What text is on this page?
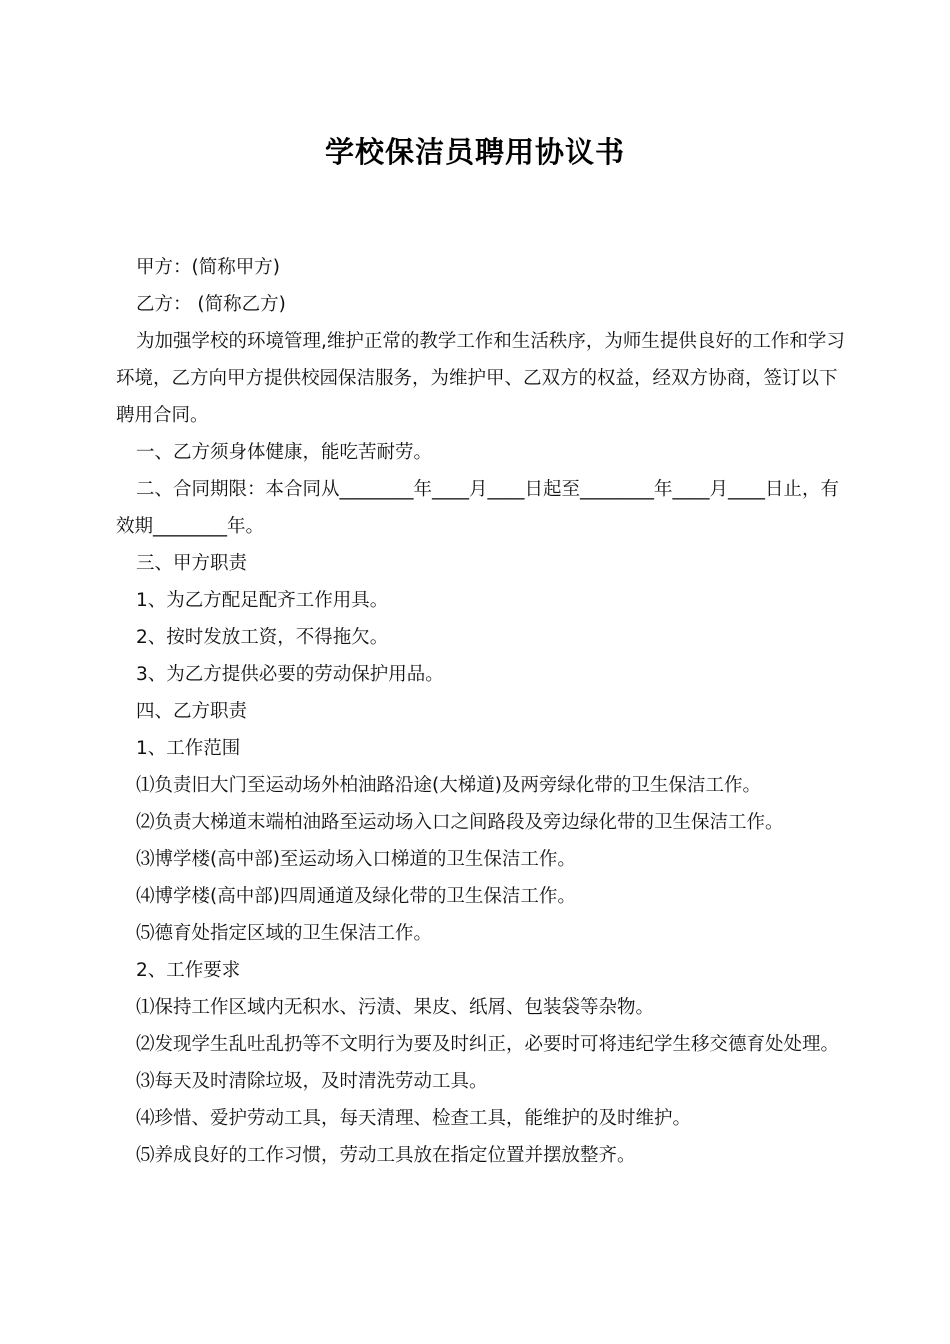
学校保洁员聘用协议书

甲方：(简称甲方)

乙方： (简称乙方)

为加强学校的环境管理,维护正常的教学工作和生活秩序，为师生提供良好的工作和学习环境，乙方向甲方提供校园保洁服务，为维护甲、乙双方的权益，经双方协商，签订以下聘用合同。

一、乙方须身体健康，能吃苦耐劳。

二、合同期限：本合同从________年____月____日起至________年____月____日止，有效期________年。

三、甲方职责

1、为乙方配足配齐工作用具。

2、按时发放工资，不得拖欠。

3、为乙方提供必要的劳动保护用品。

四、乙方职责

1、工作范围

⑴负责旧大门至运动场外柏油路沿途(大梯道)及两旁绿化带的卫生保洁工作。

⑵负责大梯道末端柏油路至运动场入口之间路段及旁边绿化带的卫生保洁工作。

⑶博学楼(高中部)至运动场入口梯道的卫生保洁工作。

⑷博学楼(高中部)四周通道及绿化带的卫生保洁工作。

⑸德育处指定区域的卫生保洁工作。

2、工作要求

⑴保持工作区域内无积水、污渍、果皮、纸屑、包装袋等杂物。

⑵发现学生乱吐乱扔等不文明行为要及时纠正，必要时可将违纪学生移交德育处处理。

⑶每天及时清除垃圾，及时清洗劳动工具。

⑷珍惜、爱护劳动工具，每天清理、检查工具，能维护的及时维护。

⑸养成良好的工作习惯，劳动工具放在指定位置并摆放整齐。
